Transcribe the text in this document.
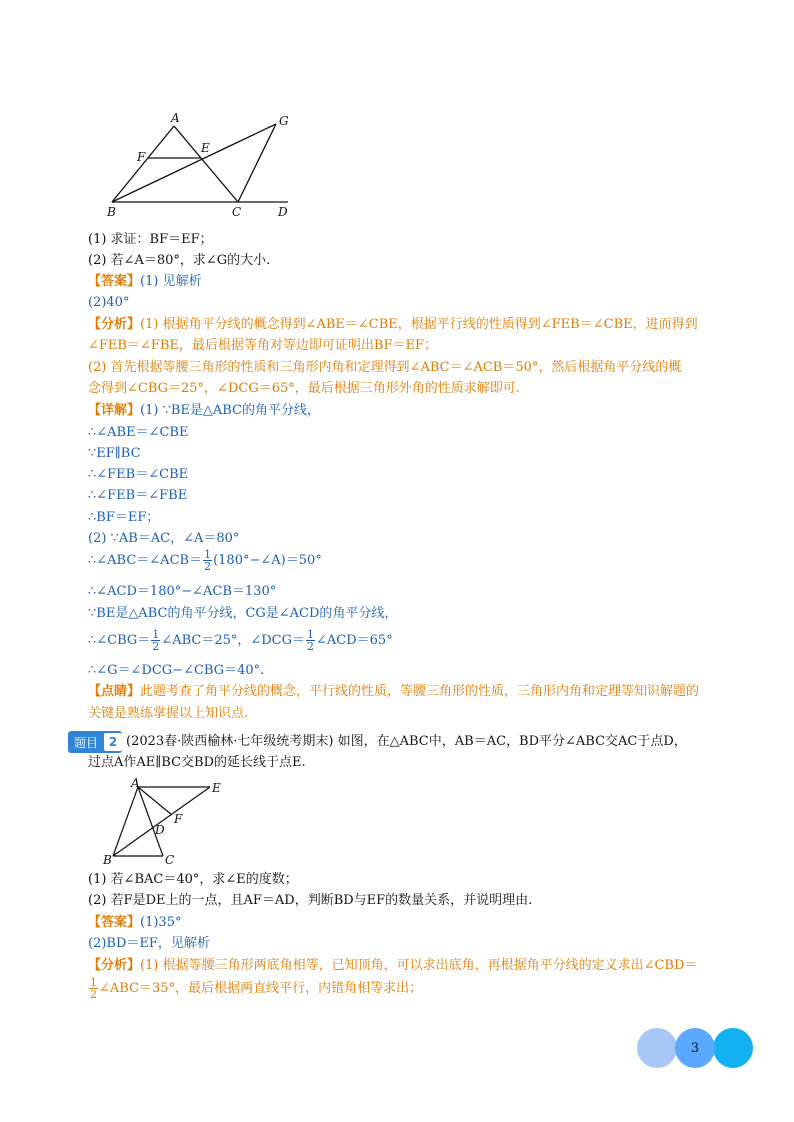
A	G
F
E
B	C	D
(1) 求证：BF＝EF；
(2) 若∠A＝80°，求∠G的大小.
【答案】(1) 见解析
(2)40°
【分析】(1) 根据角平分线的概念得到∠ABE＝∠CBE，根据平行线的性质得到∠FEB＝∠CBE，进而得到
∠FEB＝∠FBE，最后根据等角对等边即可证明出BF＝EF；
(2) 首先根据等腰三角形的性质和三角形内角和定理得到∠ABC＝∠ACB＝50°，然后根据角平分线的概
念得到∠CBG＝25°，∠DCG＝65°，最后根据三角形外角的性质求解即可.
【详解】(1) ∵BE是△ABC的角平分线，
∴∠ABE＝∠CBE
∵EF∥BC
∴∠FEB＝∠CBE
∴∠FEB＝∠FBE
∴BF＝EF；
(2) ∵AB＝AC，∠A＝80°
∴∠ABC＝∠ACB＝ $\frac{1}{2}$ (180°−∠A)＝50°
∴∠ACD＝180°−∠ACB＝130°
∵BE是△ABC的角平分线，CG是∠ACD的角平分线，
∴∠CBG＝ $\frac{1}{2}$ ∠ABC＝25°，∠DCG＝ $\frac{1}{2}$ ∠ACD＝65°
∴∠G＝∠DCG−∠CBG＝40°.
【点睛】此题考查了角平分线的概念，平行线的性质，等腰三角形的性质，三角形内角和定理等知识解题的
关键是熟练掌握以上知识点.
题目 2 (2023春·陕西榆林·七年级统考期末) 如图，在△ABC中，AB＝AC，BD平分∠ABC交AC于点D，
过点A作AE∥BC交BD的延长线于点E.
A	E
F
D
B	C
(1) 若∠BAC＝40°，求∠E的度数；
(2) 若F是DE上的一点，且AF＝AD，判断BD与EF的数量关系，并说明理由.
【答案】(1)35°
(2)BD＝EF，见解析
【分析】(1) 根据等腰三角形两底角相等，已知顶角，可以求出底角，再根据角平分线的定义求出∠CBD＝
$\frac{1}{2}$ ∠ABC＝35°，最后根据两直线平行，内错角相等求出；
3
